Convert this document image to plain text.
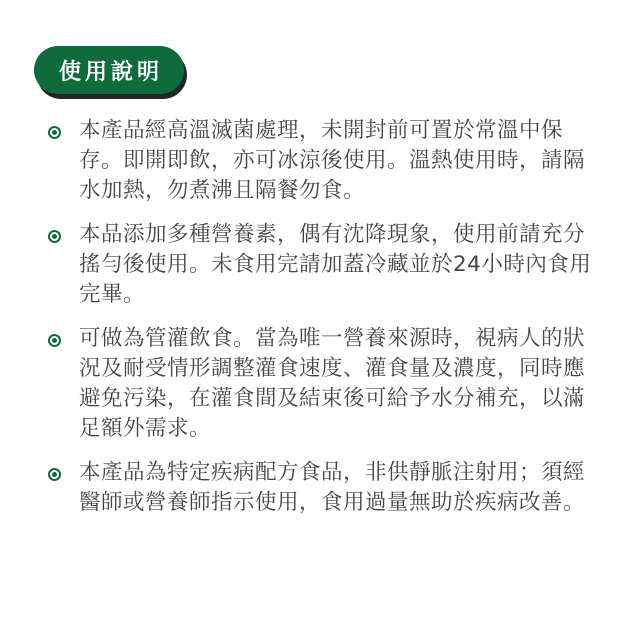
使用說明
本產品經高溫滅菌處理，未開封前可置於常溫中保存。即開即飲，亦可冰涼後使用。溫熱使用時，請隔水加熱，勿煮沸且隔餐勿食。
本品添加多種營養素，偶有沈降現象，使用前請充分搖勻後使用。未食用完請加蓋冷藏並於24小時內食用完畢。
可做為管灌飲食。當為唯一營養來源時，視病人的狀況及耐受情形調整灌食速度、灌食量及濃度，同時應避免污染，在灌食間及結束後可給予水分補充，以滿足額外需求。
本產品為特定疾病配方食品，非供靜脈注射用；須經醫師或營養師指示使用，食用過量無助於疾病改善。
